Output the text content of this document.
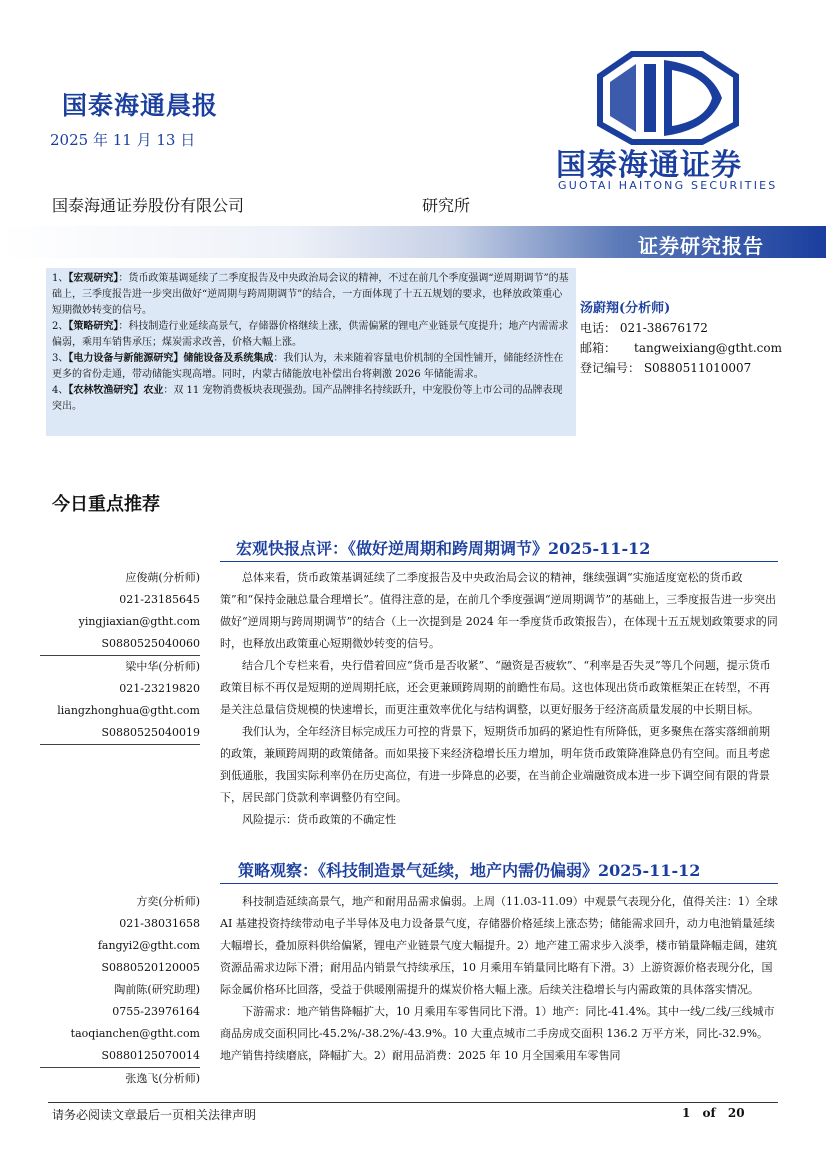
国泰海通晨报
2025 年 11 月 13 日
国泰海通证券
GUOTAI HAITONG SECURITIES
国泰海通证券股份有限公司	研究所
证券研究报告

1、【宏观研究】：货币政策基调延续了二季度报告及中央政治局会议的精神，不过在前几个季度强调“逆周期调节”的基础上，三季度报告进一步突出做好“逆周期与跨周期调节”的结合，一方面体现了十五五规划的要求，也释放政策重心短期微妙转变的信号。

2、【策略研究】：科技制造行业延续高景气，存储器价格继续上涨，供需偏紧的锂电产业链景气度提升；地产内需需求偏弱，乘用车销售承压；煤炭需求改善，价格大幅上涨。

3、【电力设备与新能源研究】储能设备及系统集成：我们认为，未来随着容量电价机制的全国性铺开，储能经济性在更多的省份走通，带动储能实现高增。同时，内蒙古储能放电补偿出台将刺激 2026 年储能需求。

4、【农林牧渔研究】农业：双 11 宠物消费板块表现强劲。国产品牌排名持续跃升，中宠股份等上市公司的品牌表现突出。

汤蔚翔(分析师)
电话： 021-38676172
邮箱： tangweixiang@gtht.com
登记编号： S0880511010007
今日重点推荐
宏观快报点评：《做好逆周期和跨周期调节》2025-11-12
应俊蒴(分析师)
021-23185645
yingjiaxian@gtht.com
S0880525040060
梁中华(分析师)
021-23219820
liangzhonghua@gtht.com
S0880525040019

总体来看，货币政策基调延续了二季度报告及中央政治局会议的精神，继续强调“实施适度宽松的货币政策”和“保持金融总量合理增长”。值得注意的是，在前几个季度强调“逆周期调节”的基础上，三季度报告进一步突出做好“逆周期与跨周期调节”的结合（上一次提到是 2024 年一季度货币政策报告），在体现十五五规划政策要求的同时，也释放出政策重心短期微妙转变的信号。

结合几个专栏来看，央行借着回应“货币是否收紧”、“融资是否疲软”、“利率是否失灵”等几个问题，提示货币政策目标不再仅是短期的逆周期托底，还会更兼顾跨周期的前瞻性布局。这也体现出货币政策框架正在转型，不再是关注总量信贷规模的快速增长，而更注重效率优化与结构调整，以更好服务于经济高质量发展的中长期目标。

我们认为，全年经济目标完成压力可控的背景下，短期货币加码的紧迫性有所降低，更多聚焦在落实落细前期的政策，兼顾跨周期的政策储备。而如果接下来经济稳增长压力增加，明年货币政策降准降息仍有空间。而且考虑到低通胀，我国实际利率仍在历史高位，有进一步降息的必要，在当前企业端融资成本进一步下调空间有限的背景下，居民部门贷款利率调整仍有空间。

风险提示：货币政策的不确定性

策略观察：《科技制造景气延续，地产内需仍偏弱》2025-11-12
方奕(分析师)
021-38031658
fangyi2@gtht.com
S0880520120005
陶前陈(研究助理)
0755-23976164
taoqianchen@gtht.com
S0880125070014
张逸飞(分析师)

科技制造延续高景气，地产和耐用品需求偏弱。上周（11.03-11.09）中观景气表现分化，值得关注：1）全球 AI 基建投资持续带动电子半导体及电力设备景气度，存储器价格延续上涨态势；储能需求回升，动力电池销量延续大幅增长，叠加原料供给偏紧，锂电产业链景气度大幅提升。2）地产建工需求步入淡季，楼市销量降幅走阔，建筑资源品需求边际下滑；耐用品内销景气持续承压，10 月乘用车销量同比略有下滑。3）上游资源价格表现分化，国际金属价格环比回落，受益于供暖刚需提升的煤炭价格大幅上涨。后续关注稳增长与内需政策的具体落实情况。

下游需求：地产销售降幅扩大，10 月乘用车零售同比下滑。1）地产：同比-41.4%。其中一线/二线/三线城市商品房成交面积同比-45.2%/-38.2%/-43.9%。10 大重点城市二手房成交面积 136.2 万平方米，同比-32.9%。地产销售持续磨底，降幅扩大。2）耐用品消费：2025 年 10 月全国乘用车零售同

请务必阅读文章最后一页相关法律声明	1 of 20
